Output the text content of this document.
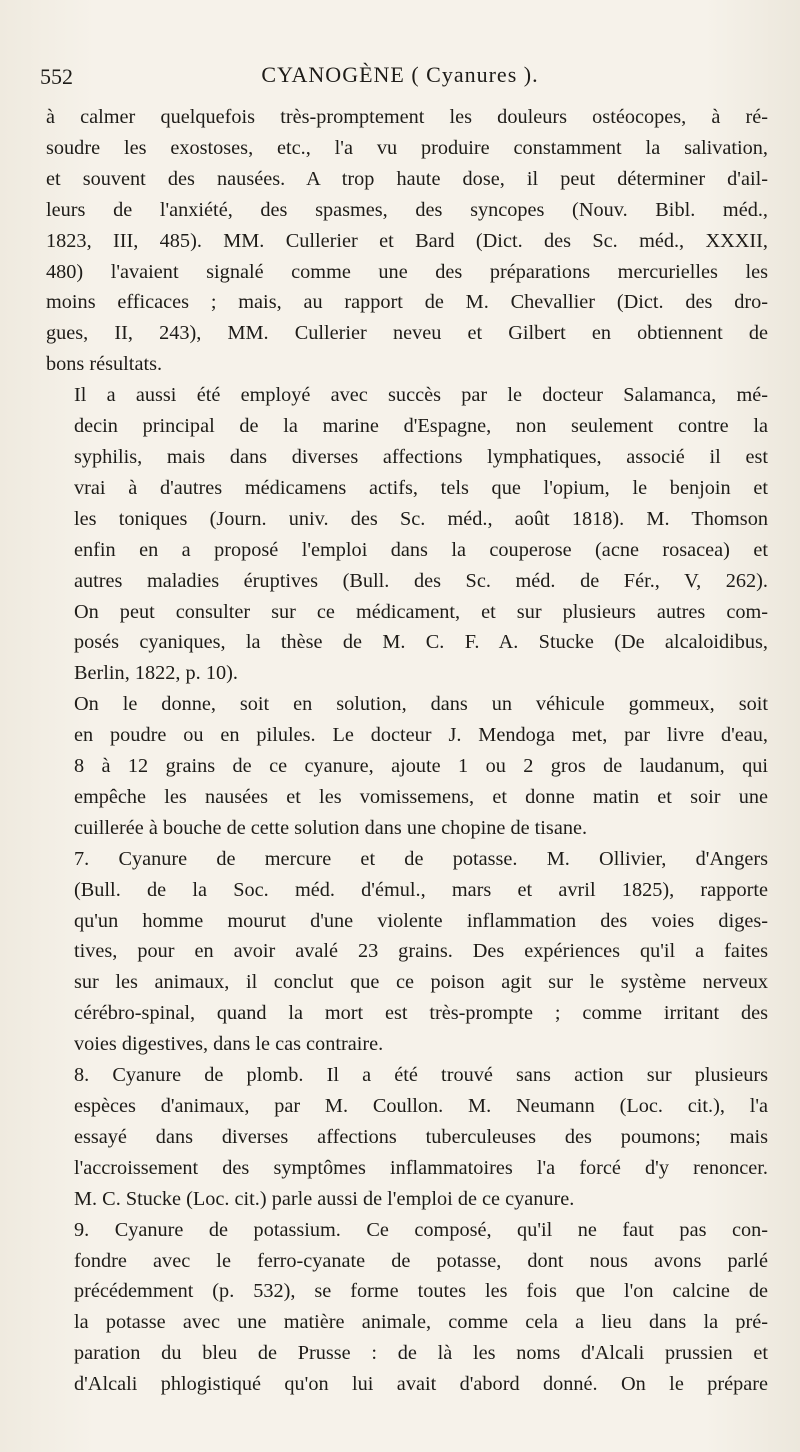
552	CYANOGÈNE ( Cyanures ).

à calmer quelquefois très-promptement les douleurs ostéocopes, à ré-
soudre les exostoses, etc., l'a vu produire constamment la salivation,
et souvent des nausées. A trop haute dose, il peut déterminer d'ail-
leurs de l'anxiété, des spasmes, des syncopes (Nouv. Bibl. méd.,
1823, III, 485). MM. Cullerier et Bard (Dict. des Sc. méd., XXXII,
480) l'avaient signalé comme une des préparations mercurielles les
moins efficaces ; mais, au rapport de M. Chevallier (Dict. des dro-
gues, II, 243), MM. Cullerier neveu et Gilbert en obtiennent de
bons résultats.

Il a aussi été employé avec succès par le docteur Salamanca, mé-
decin principal de la marine d'Espagne, non seulement contre la
syphilis, mais dans diverses affections lymphatiques, associé il est
vrai à d'autres médicamens actifs, tels que l'opium, le benjoin et
les toniques (Journ. univ. des Sc. méd., août 1818). M. Thomson
enfin en a proposé l'emploi dans la couperose (acne rosacea) et
autres maladies éruptives (Bull. des Sc. méd. de Fér., V, 262).
On peut consulter sur ce médicament, et sur plusieurs autres com-
posés cyaniques, la thèse de M. C. F. A. Stucke (De alcaloidibus,
Berlin, 1822, p. 10).

On le donne, soit en solution, dans un véhicule gommeux, soit
en poudre ou en pilules. Le docteur J. Mendoga met, par livre d'eau,
8 à 12 grains de ce cyanure, ajoute 1 ou 2 gros de laudanum, qui
empêche les nausées et les vomissemens, et donne matin et soir une
cuillerée à bouche de cette solution dans une chopine de tisane.

7. Cyanure de mercure et de potasse. M. Ollivier, d'Angers
(Bull. de la Soc. méd. d'émul., mars et avril 1825), rapporte
qu'un homme mourut d'une violente inflammation des voies diges-
tives, pour en avoir avalé 23 grains. Des expériences qu'il a faites
sur les animaux, il conclut que ce poison agit sur le système nerveux
cérébro-spinal, quand la mort est très-prompte ; comme irritant des
voies digestives, dans le cas contraire.

8. Cyanure de plomb. Il a été trouvé sans action sur plusieurs
espèces d'animaux, par M. Coullon. M. Neumann (Loc. cit.), l'a
essayé dans diverses affections tuberculeuses des poumons; mais
l'accroissement des symptômes inflammatoires l'a forcé d'y renoncer.
M. C. Stucke (Loc. cit.) parle aussi de l'emploi de ce cyanure.

9. Cyanure de potassium. Ce composé, qu'il ne faut pas con-
fondre avec le ferro-cyanate de potasse, dont nous avons parlé
précédemment (p. 532), se forme toutes les fois que l'on calcine de
la potasse avec une matière animale, comme cela a lieu dans la pré-
paration du bleu de Prusse : de là les noms d'Alcali prussien et
d'Alcali phlogistiqué qu'on lui avait d'abord donné. On le prépare
